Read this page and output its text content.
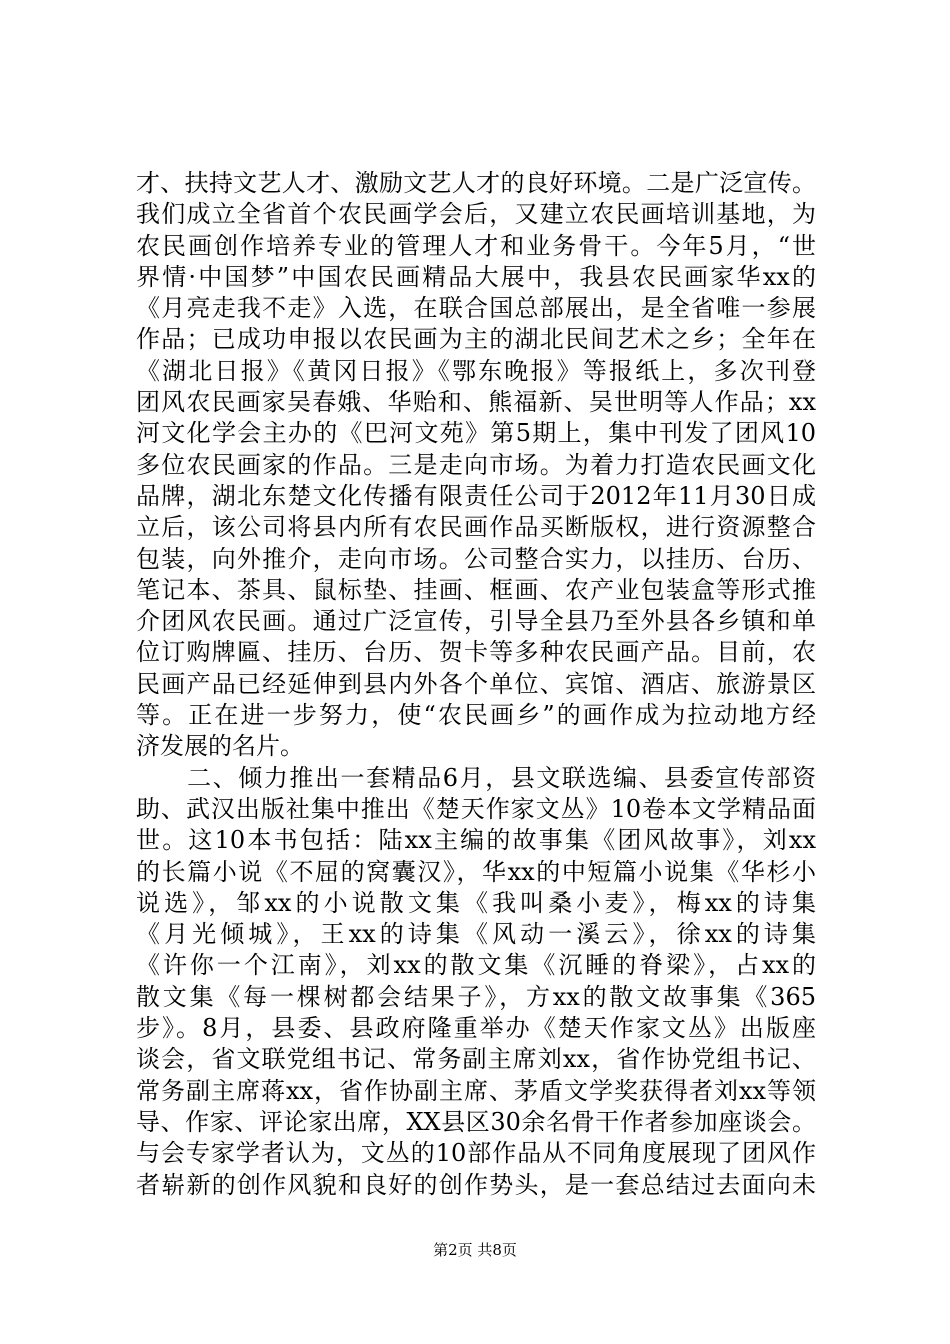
才、扶持文艺人才、激励文艺人才的良好环境。二是广泛宣传。
我们成立全省首个农民画学会后，又建立农民画培训基地，为
农民画创作培养专业的管理人才和业务骨干。今年5月，“世
界情·中国梦”中国农民画精品大展中，我县农民画家华xx的
《月亮走我不走》入选，在联合国总部展出，是全省唯一参展
作品；已成功申报以农民画为主的湖北民间艺术之乡；全年在
《湖北日报》《黄冈日报》《鄂东晚报》等报纸上，多次刊登
团风农民画家吴春娥、华贻和、熊福新、吴世明等人作品；xx
河文化学会主办的《巴河文苑》第5期上，集中刊发了团风10
多位农民画家的作品。三是走向市场。为着力打造农民画文化
品牌，湖北东楚文化传播有限责任公司于2012年11月30日成
立后，该公司将县内所有农民画作品买断版权，进行资源整合
包装，向外推介，走向市场。公司整合实力，以挂历、台历、
笔记本、茶具、鼠标垫、挂画、框画、农产业包装盒等形式推
介团风农民画。通过广泛宣传，引导全县乃至外县各乡镇和单
位订购牌匾、挂历、台历、贺卡等多种农民画产品。目前，农
民画产品已经延伸到县内外各个单位、宾馆、酒店、旅游景区
等。正在进一步努力，使“农民画乡”的画作成为拉动地方经
济发展的名片。
　　二、倾力推出一套精品6月，县文联选编、县委宣传部资
助、武汉出版社集中推出《楚天作家文丛》10卷本文学精品面
世。这10本书包括：陆xx主编的故事集《团风故事》，刘xx
的长篇小说《不屈的窝囊汉》，华xx的中短篇小说集《华杉小
说选》，邹xx的小说散文集《我叫桑小麦》，梅xx的诗集
《月光倾城》，王xx的诗集《风动一溪云》，徐xx的诗集
《许你一个江南》，刘xx的散文集《沉睡的脊梁》，占xx的
散文集《每一棵树都会结果子》，方xx的散文故事集《365
步》。8月，县委、县政府隆重举办《楚天作家文丛》出版座
谈会，省文联党组书记、常务副主席刘xx，省作协党组书记、
常务副主席蒋xx，省作协副主席、茅盾文学奖获得者刘xx等领
导、作家、评论家出席，XX县区30余名骨干作者参加座谈会。
与会专家学者认为，文丛的10部作品从不同角度展现了团风作
者崭新的创作风貌和良好的创作势头，是一套总结过去面向未
第2页 共8页
